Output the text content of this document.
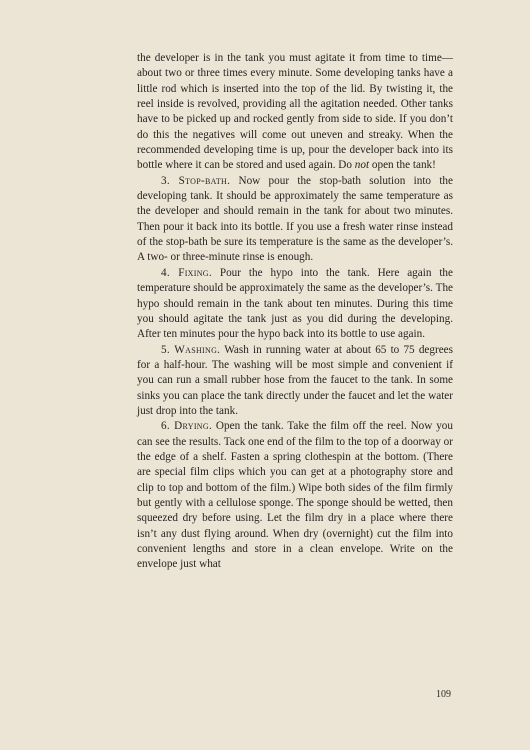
the developer is in the tank you must agitate it from time to time—about two or three times every minute. Some developing tanks have a little rod which is inserted into the top of the lid. By twisting it, the reel inside is revolved, providing all the agitation needed. Other tanks have to be picked up and rocked gently from side to side. If you don’t do this the negatives will come out uneven and streaky. When the recommended developing time is up, pour the developer back into its bottle where it can be stored and used again. Do not open the tank!

3. Stop-bath. Now pour the stop-bath solution into the developing tank. It should be approximately the same temperature as the developer and should remain in the tank for about two minutes. Then pour it back into its bottle. If you use a fresh water rinse instead of the stop-bath be sure its temperature is the same as the developer’s. A two- or three-minute rinse is enough.

4. Fixing. Pour the hypo into the tank. Here again the temperature should be approximately the same as the developer’s. The hypo should remain in the tank about ten minutes. During this time you should agitate the tank just as you did during the developing. After ten minutes pour the hypo back into its bottle to use again.

5. Washing. Wash in running water at about 65 to 75 degrees for a half-hour. The washing will be most simple and convenient if you can run a small rubber hose from the faucet to the tank. In some sinks you can place the tank directly under the faucet and let the water just drop into the tank.

6. Drying. Open the tank. Take the film off the reel. Now you can see the results. Tack one end of the film to the top of a doorway or the edge of a shelf. Fasten a spring clothespin at the bottom. (There are special film clips which you can get at a photography store and clip to top and bottom of the film.) Wipe both sides of the film firmly but gently with a cellulose sponge. The sponge should be wetted, then squeezed dry before using. Let the film dry in a place where there isn’t any dust flying around. When dry (overnight) cut the film into convenient lengths and store in a clean envelope. Write on the envelope just what

109
